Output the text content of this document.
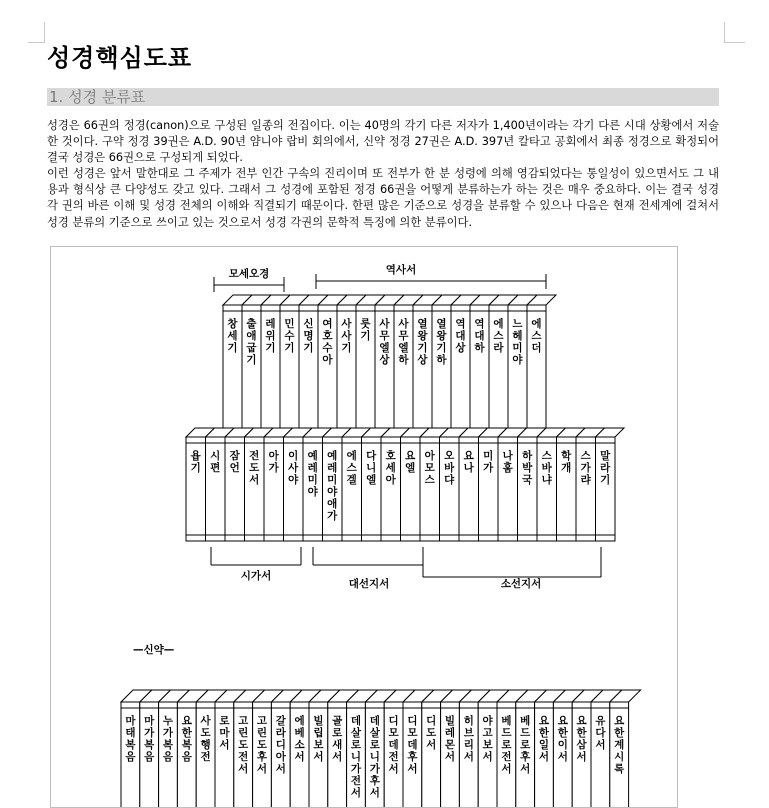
성경핵심도표
1. 성경 분류표

성경은 66권의 정경(canon)으로 구성된 일종의 전집이다. 이는 40명의 각기 다른 저자가 1,400년이라는 각기 다른 시대 상황에서 저술한 것이다. 구약 정경 39권은 A.D. 90년 얌니야 랍비 회의에서, 신약 정경 27권은 A.D. 397년 칼타고 공회에서 최종 정경으로 확정되어 결국 성경은 66권으로 구성되게 되었다.

이런 성경은 앞서 말한대로 그 주제가 전부 인간 구속의 진리이며 또 전부가 한 분 성령에 의해 영감되었다는 통일성이 있으면서도 그 내용과 형식상 큰 다양성도 갖고 있다. 그래서 그 성경에 포함된 정경 66권을 어떻게 분류하는가 하는 것은 매우 중요하다. 이는 결국 성경 각 권의 바른 이해 및 성경 전체의 이해와 직결되기 때문이다. 한편 많은 기준으로 성경을 분류할 수 있으나 다음은 현재 전세계에 걸쳐서 성경 분류의 기준으로 쓰이고 있는 것으로서 성경 각권의 문학적 특징에 의한 분류이다.

모세오경	역사서
창 세 기
출 애 굽 기
레 위 기
민 수 기
신 명 기
여 호 수 아
사 사 기
룻 기
사 무 엘 상
사 무 엘 하
열 왕 기 상
열 왕 기 하
역 대 상
역 대 하
에 스 라
느 헤 미 야
에 스 더
욥 기
시 편
잠 언
전 도 서
아 가
이 사 야
예 레 미 야
예 레 미 야 애 가
에 스 겔
다 니 엘
호 세 아
요 엘
아 모 스
오 바 댜
요 나
미 가
나 훔
하 박 국
스 바 냐
학 개
스 가 랴
말 라 기
시가서
대선지서	소선지서
—신약—
마 태 복 음
마 가 복 음
누 가 복 음
요 한 복 음
사 도 행 전
로 마 서
고 린 도 전 서
고 린 도 후 서
갈 라 디 아 서
에 베 소 서
빌 립 보 서
골 로 새 서
데 살 로 니 가 전 서
데 살 로 니 가 후 서
디 모 데 전 서
디 모 데 후 서
디 도 서
빌 레 몬 서
히 브 리 서
야 고 보 서
베 드 로 전 서
베 드 로 후 서
요 한 일 서
요 한 이 서
요 한 삼 서
유 다 서
요 한 계 시 록
